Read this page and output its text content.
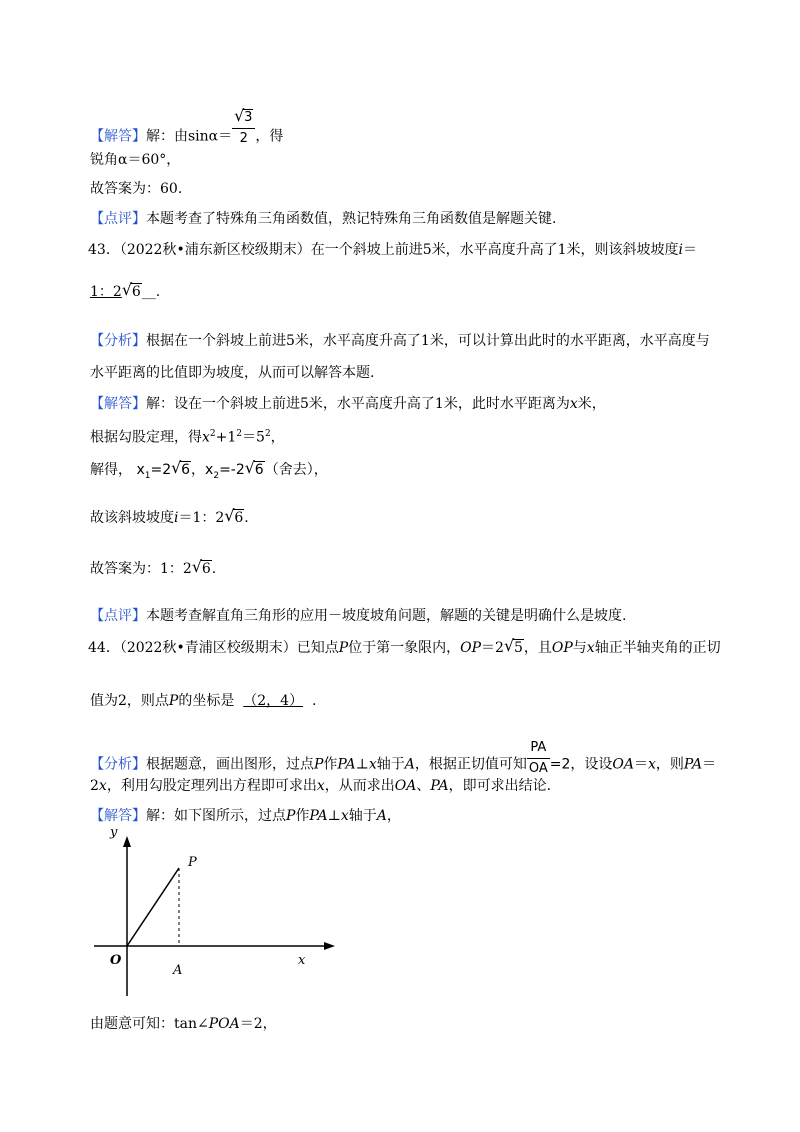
【解答】解：由sinα＝
√ $\frac{3}{2}$ ，得
锐角α＝60°，
故答案为：60.
【点评】本题考查了特殊角三角函数值，熟记特殊角三角函数值是解题关键.
43．（2022秋•浦东新区校级期末）在一个斜坡上前进5米，水平高度升高了1米，则该斜坡坡度i＝
1：2√ 6__.
【分析】根据在一个斜坡上前进5米，水平高度升高了1米，可以计算出此时的水平距离，水平高度与
水平距离的比值即为坡度，从而可以解答本题.
【解答】解：设在一个斜坡上前进5米，水平高度升高了1米，此时水平距离为x米，
根据勾股定理，得$x^2+1^2=5^2$，
解得， $x_1=2√$ 6，$x_2=-2√$ 6（舍去），
故该斜坡坡度i＝1：2√ 6.
故答案为：1：2√ 6.
【点评】本题考查解直角三角形的应用－坡度坡角问题，解题的关键是明确什么是坡度.
44．（2022秋•青浦区校级期末）已知点P位于第一象限内，OP＝2√ 5，且OP与x轴正半轴夹角的正切
值为2，则点P的坐标是 （2，4） .
【分析】根据题意，画出图形，过点P作PA⊥x轴于A，根据正切值可知 $\frac{PA}{OA} =2$，设设OA＝x，则PA＝
2x，利用勾股定理列出方程即可求出x，从而求出OA、PA，即可求出结论.
【解答】解：如下图所示，过点P作PA⊥x轴于A，
y
P
O
A
x
由题意可知：tan∠POA＝2，
